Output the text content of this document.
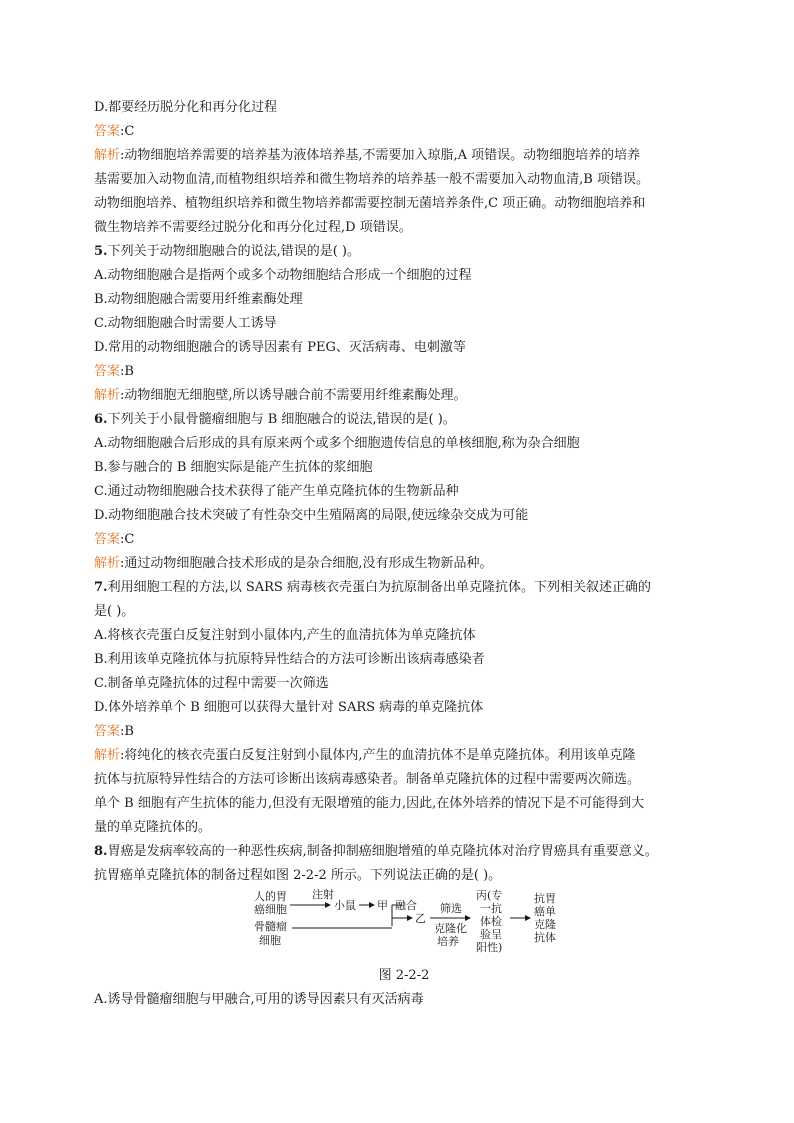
D.都要经历脱分化和再分化过程
答案:C
解析:动物细胞培养需要的培养基为液体培养基,不需要加入琼脂,A 项错误。动物细胞培养的培养
基需要加入动物血清,而植物组织培养和微生物培养的培养基一般不需要加入动物血清,B 项错误。
动物细胞培养、植物组织培养和微生物培养都需要控制无菌培养条件,C 项正确。动物细胞培养和
微生物培养不需要经过脱分化和再分化过程,D 项错误。
5.下列关于动物细胞融合的说法,错误的是( )。
A.动物细胞融合是指两个或多个动物细胞结合形成一个细胞的过程
B.动物细胞融合需要用纤维素酶处理
C.动物细胞融合时需要人工诱导
D.常用的动物细胞融合的诱导因素有 PEG、灭活病毒、电刺激等
答案:B
解析:动物细胞无细胞壁,所以诱导融合前不需要用纤维素酶处理。
6.下列关于小鼠骨髓瘤细胞与 B 细胞融合的说法,错误的是( )。
A.动物细胞融合后形成的具有原来两个或多个细胞遗传信息的单核细胞,称为杂合细胞
B.参与融合的 B 细胞实际是能产生抗体的浆细胞
C.通过动物细胞融合技术获得了能产生单克隆抗体的生物新品种
D.动物细胞融合技术突破了有性杂交中生殖隔离的局限,使远缘杂交成为可能
答案:C
解析:通过动物细胞融合技术形成的是杂合细胞,没有形成生物新品种。
7.利用细胞工程的方法,以 SARS 病毒核衣壳蛋白为抗原制备出单克隆抗体。下列相关叙述正确的
是( )。
A.将核衣壳蛋白反复注射到小鼠体内,产生的血清抗体为单克隆抗体
B.利用该单克隆抗体与抗原特异性结合的方法可诊断出该病毒感染者
C.制备单克隆抗体的过程中需要一次筛选
D.体外培养单个 B 细胞可以获得大量针对 SARS 病毒的单克隆抗体
答案:B
解析:将纯化的核衣壳蛋白反复注射到小鼠体内,产生的血清抗体不是单克隆抗体。利用该单克隆
抗体与抗原特异性结合的方法可诊断出该病毒感染者。制备单克隆抗体的过程中需要两次筛选。
单个 B 细胞有产生抗体的能力,但没有无限增殖的能力,因此,在体外培养的情况下是不可能得到大
量的单克隆抗体的。
8.胃癌是发病率较高的一种恶性疾病,制备抑制癌细胞增殖的单克隆抗体对治疗胃癌具有重要意义。
抗胃癌单克隆抗体的制备过程如图 2-2-2 所示。下列说法正确的是( )。
人的胃
癌细胞
注射
小鼠 甲
骨髓瘤
细胞
融合
乙
筛选
克隆化
培养
丙(专
一抗
体检
验呈
阳性)
抗胃
癌单
克隆
抗体
图 2-2-2
A.诱导骨髓瘤细胞与甲融合,可用的诱导因素只有灭活病毒
